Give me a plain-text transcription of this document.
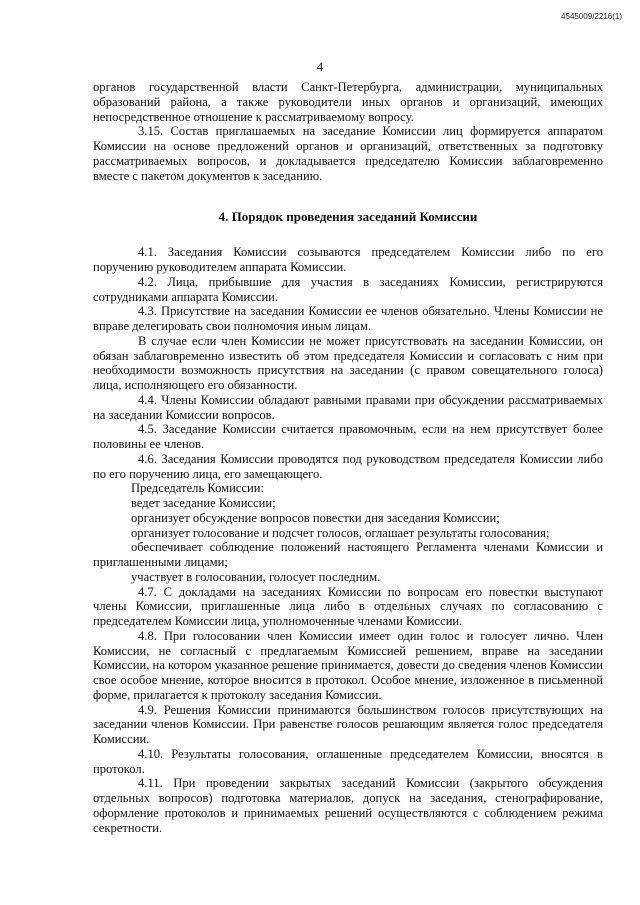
4545009/2216(1)
4

органов государственной власти Санкт-Петербурга, администрации, муниципальных образований района, а также руководители иных органов и организаций, имеющих непосредственное отношение к рассматриваемому вопросу.

3.15. Состав приглашаемых на заседание Комиссии лиц формируется аппаратом Комиссии на основе предложений органов и организаций, ответственных за подготовку рассматриваемых вопросов, и докладывается председателю Комиссии заблаговременно вместе с пакетом документов к заседанию.

4. Порядок проведения заседаний Комиссии

4.1. Заседания Комиссии созываются председателем Комиссии либо по его поручению руководителем аппарата Комиссии.

4.2. Лица, прибывшие для участия в заседаниях Комиссии, регистрируются сотрудниками аппарата Комиссии.

4.3. Присутствие на заседании Комиссии ее членов обязательно. Члены Комиссии не вправе делегировать свои полномочия иным лицам.

В случае если член Комиссии не может присутствовать на заседании Комиссии, он обязан заблаговременно известить об этом председателя Комиссии и согласовать с ним при необходимости возможность присутствия на заседании (с правом совещательного голоса) лица, исполняющего его обязанности.

4.4. Члены Комиссии обладают равными правами при обсуждении рассматриваемых на заседании Комиссии вопросов.

4.5. Заседание Комиссии считается правомочным, если на нем присутствует более половины ее членов.

4.6. Заседания Комиссии проводятся под руководством председателя Комиссии либо по его поручению лица, его замещающего.

Председатель Комиссии:

ведет заседание Комиссии;

организует обсуждение вопросов повестки дня заседания Комиссии;

организует голосование и подсчет голосов, оглашает результаты голосования;

обеспечивает соблюдение положений настоящего Регламента членами Комиссии и приглашенными лицами;

участвует в голосовании, голосует последним.

4.7. С докладами на заседаниях Комиссии по вопросам его повестки выступают члены Комиссии, приглашенные лица либо в отдельных случаях по согласованию с председателем Комиссии лица, уполномоченные членами Комиссии.

4.8. При голосовании член Комиссии имеет один голос и голосует лично. Член Комиссии, не согласный с предлагаемым Комиссией решением, вправе на заседании Комиссии, на котором указанное решение принимается, довести до сведения членов Комиссии свое особое мнение, которое вносится в протокол. Особое мнение, изложенное в письменной форме, прилагается к протоколу заседания Комиссии.

4.9. Решения Комиссии принимаются большинством голосов присутствующих на заседании членов Комиссии. При равенстве голосов решающим является голос председателя Комиссии.

4.10. Результаты голосования, оглашенные председателем Комиссии, вносятся в протокол.

4.11. При проведении закрытых заседаний Комиссии (закрытого обсуждения отдельных вопросов) подготовка материалов, допуск на заседания, стенографирование, оформление протоколов и принимаемых решений осуществляются с соблюдением режима секретности.
